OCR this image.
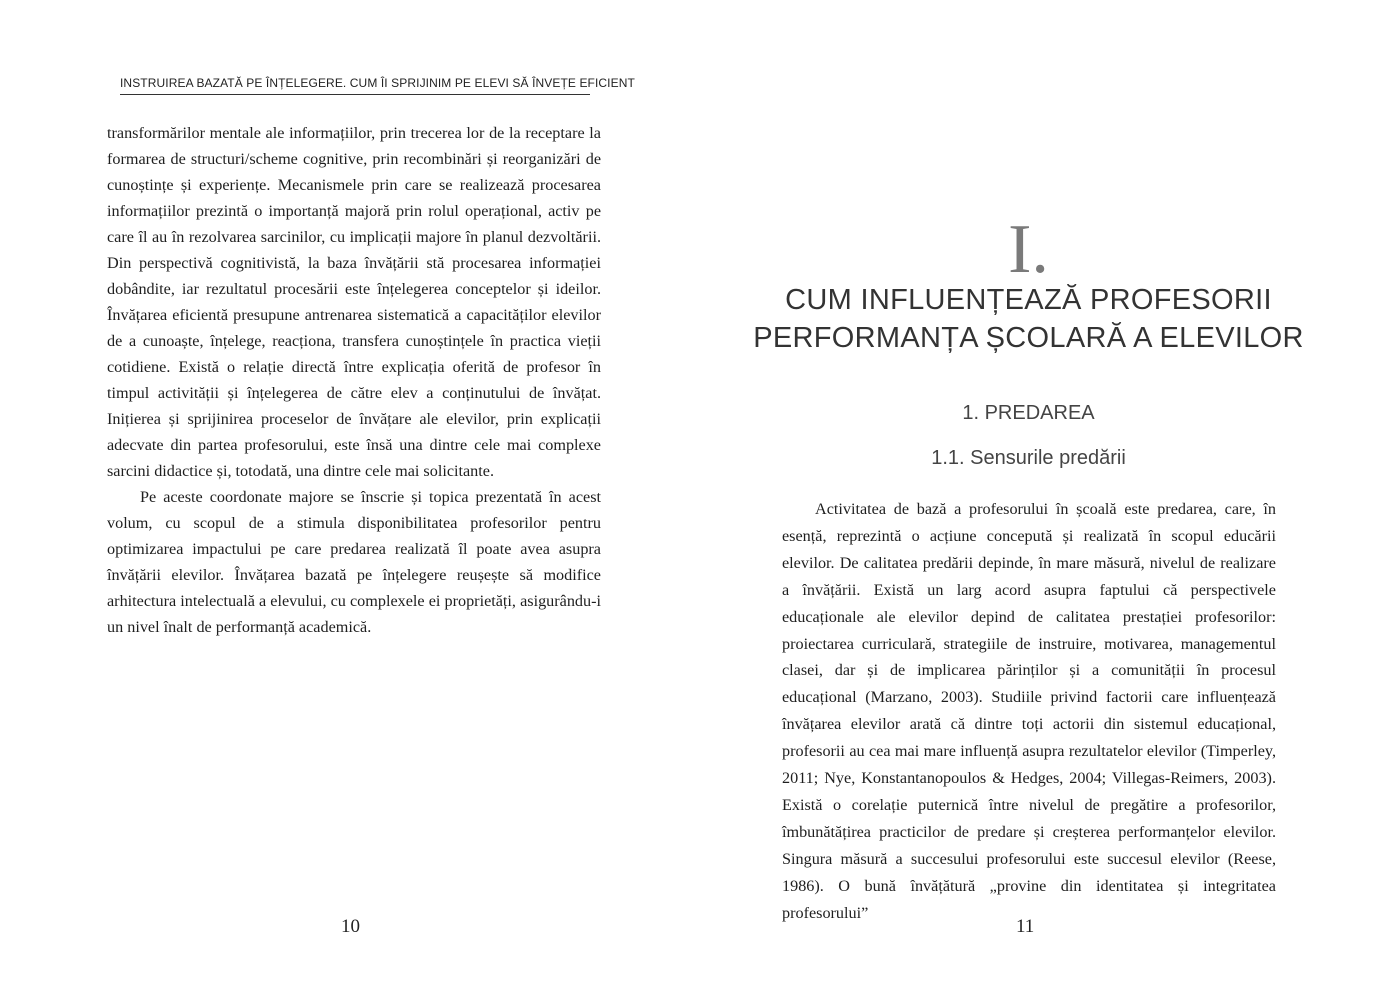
INSTRUIREA BAZATĂ PE ÎNȚELEGERE. CUM ÎI SPRIJINIM PE ELEVI SĂ ÎNVEȚE EFICIENT

transformărilor mentale ale informațiilor, prin trecerea lor de la receptare la formarea de structuri/scheme cognitive, prin recombinări și reorganizări de cunoștințe și experiențe. Mecanismele prin care se realizează procesarea informațiilor prezintă o importanță majoră prin rolul operațional, activ pe care îl au în rezolvarea sarcinilor, cu implicații majore în planul dezvoltării. Din perspectivă cognitivistă, la baza învățării stă procesarea informației dobândite, iar rezultatul procesării este înțelegerea conceptelor și ideilor. Învățarea eficientă presupune antrenarea sistematică a capacităților elevilor de a cunoaște, înțelege, reacționa, transfera cunoștințele în practica vieții cotidiene. Există o relație directă între explicația oferită de profesor în timpul activității și înțelegerea de către elev a conținutului de învățat. Inițierea și sprijinirea proceselor de învățare ale elevilor, prin explicații adecvate din partea profesorului, este însă una dintre cele mai complexe sarcini didactice și, totodată, una dintre cele mai solicitante.

Pe aceste coordonate majore se înscrie și topica prezentată în acest volum, cu scopul de a stimula disponibilitatea profesorilor pentru optimizarea impactului pe care predarea realizată îl poate avea asupra învățării elevilor. Învățarea bazată pe înțelegere reușește să modifice arhitectura intelectuală a elevului, cu complexele ei proprietăți, asigurându-i un nivel înalt de performanță academică.

10
I.
CUM INFLUENȚEAZĂ PROFESORII
PERFORMANȚA ȘCOLARĂ A ELEVILOR
1. PREDAREA
1.1. Sensurile predării

Activitatea de bază a profesorului în școală este predarea, care, în esență, reprezintă o acțiune concepută și realizată în scopul educării elevilor. De calitatea predării depinde, în mare măsură, nivelul de realizare a învățării. Există un larg acord asupra faptului că perspectivele educaționale ale elevilor depind de calitatea prestației profesorilor: proiectarea curriculară, strategiile de instruire, motivarea, managementul clasei, dar și de implicarea părinților și a comunității în procesul educațional (Marzano, 2003). Studiile privind factorii care influențează învățarea elevilor arată că dintre toți actorii din sistemul educațional, profesorii au cea mai mare influență asupra rezultatelor elevilor (Timperley, 2011; Nye, Konstantanopoulos & Hedges, 2004; Villegas-Reimers, 2003). Există o corelație puternică între nivelul de pregătire a profesorilor, îmbunătățirea practicilor de predare și creșterea performanțelor elevilor. Singura măsură a succesului profesorului este succesul elevilor (Reese, 1986). O bună învățătură „provine din identitatea și integritatea profesorului”

11
